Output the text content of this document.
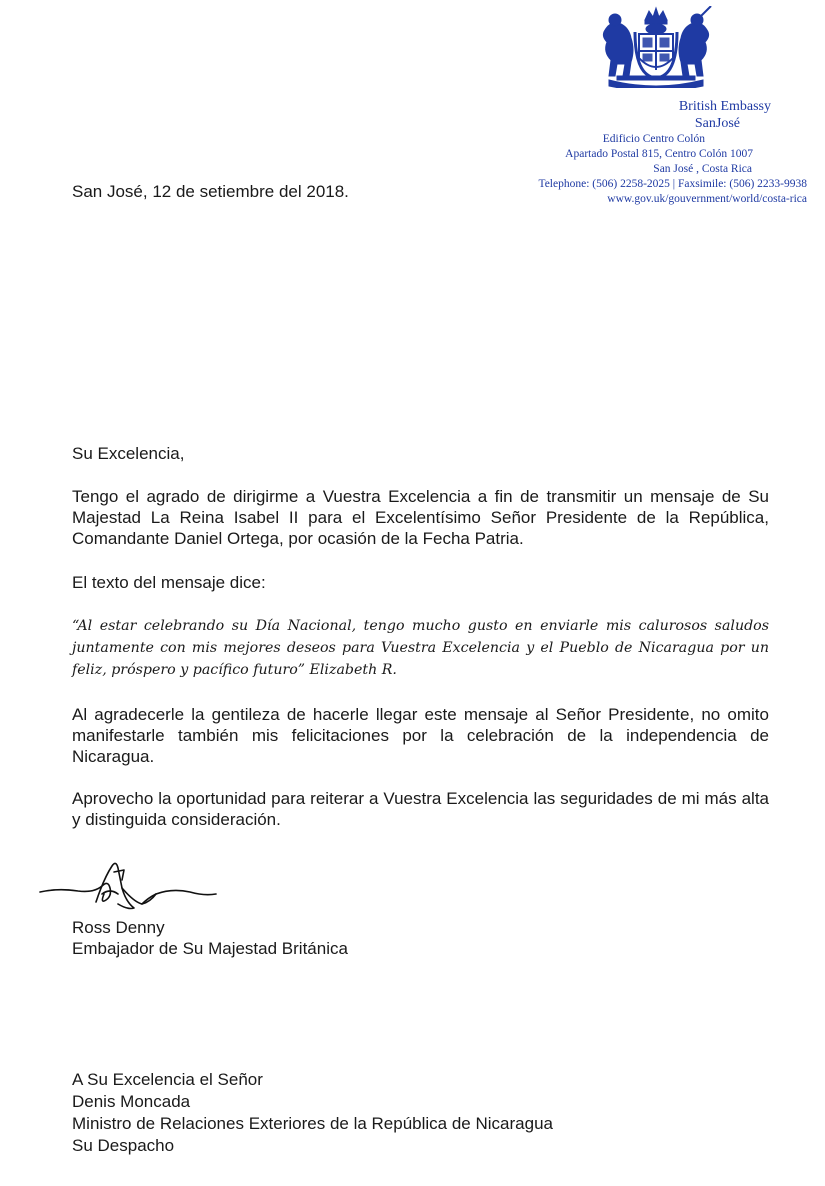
British Embassy
SanJosé
Edificio Centro Colón
Apartado Postal 815, Centro Colón 1007
San José , Costa Rica
Telephone: (506) 2258-2025 | Faxsimile: (506) 2233-9938
www.gov.uk/gouvernment/world/costa-rica
San José, 12 de setiembre del 2018.
Su Excelencia,
Tengo el agrado de dirigirme a Vuestra Excelencia a fin de transmitir un mensaje de Su Majestad La Reina Isabel II para el Excelentísimo Señor Presidente de la República, Comandante Daniel Ortega, por ocasión de la Fecha Patria.
El texto del mensaje dice:
“Al estar celebrando su Día Nacional, tengo mucho gusto en enviarle mis calurosos saludos juntamente con mis mejores deseos para Vuestra Excelencia y el Pueblo de Nicaragua por un feliz, próspero y pacífico futuro” Elizabeth R.
Al agradecerle la gentileza de hacerle llegar este mensaje al Señor Presidente, no omito manifestarle también mis felicitaciones por la celebración de la independencia de Nicaragua.
Aprovecho la oportunidad para reiterar a Vuestra Excelencia las seguridades de mi más alta y distinguida consideración.
Ross Denny
Embajador de Su Majestad Británica
A Su Excelencia el Señor
Denis Moncada
Ministro de Relaciones Exteriores de la República de Nicaragua
Su Despacho
